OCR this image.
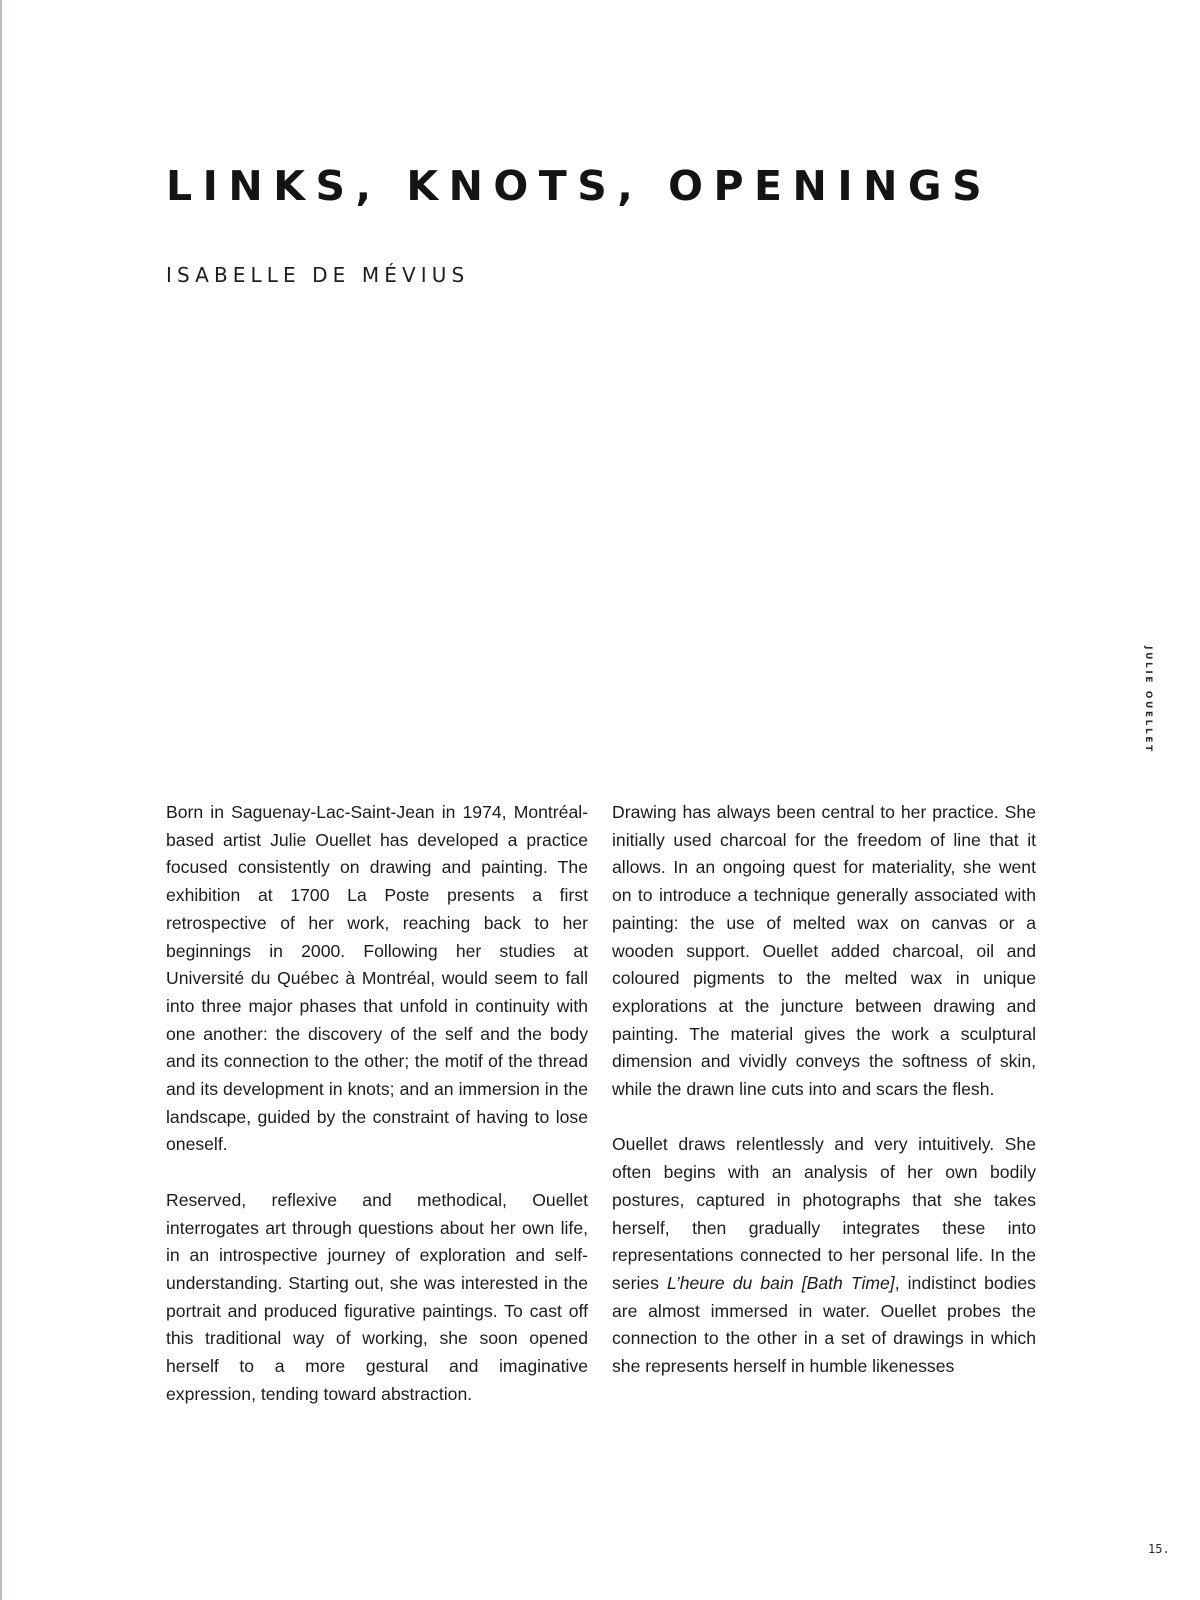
LINKS, KNOTS, OPENINGS
ISABELLE DE MÉVIUS
JULIE OUELLET

Born in Saguenay-Lac-Saint-Jean in 1974, Montréal-based artist Julie Ouellet has developed a practice focused consistently on drawing and painting. The exhibition at 1700 La Poste presents a first retrospective of her work, reaching back to her beginnings in 2000. Following her studies at Université du Québec à Montréal, would seem to fall into three major phases that unfold in continuity with one another: the discovery of the self and the body and its connection to the other; the motif of the thread and its development in knots; and an immersion in the landscape, guided by the constraint of having to lose oneself.

Reserved, reflexive and methodical, Ouellet interrogates art through questions about her own life, in an introspective journey of exploration and self-understanding. Starting out, she was interested in the portrait and produced figurative paintings. To cast off this traditional way of working, she soon opened herself to a more gestural and imaginative expression, tending toward abstraction.

Drawing has always been central to her practice. She initially used charcoal for the freedom of line that it allows. In an ongoing quest for materiality, she went on to introduce a technique generally associated with painting: the use of melted wax on canvas or a wooden support. Ouellet added charcoal, oil and coloured pigments to the melted wax in unique explorations at the juncture between drawing and painting. The material gives the work a sculptural dimension and vividly conveys the softness of skin, while the drawn line cuts into and scars the flesh.

Ouellet draws relentlessly and very intuitively. She often begins with an analysis of her own bodily postures, captured in photographs that she takes herself, then gradually integrates these into representations connected to her personal life. In the series L’heure du bain [Bath Time], indistinct bodies are almost immersed in water. Ouellet probes the connection to the other in a set of drawings in which she represents herself in humble likenesses

15.
